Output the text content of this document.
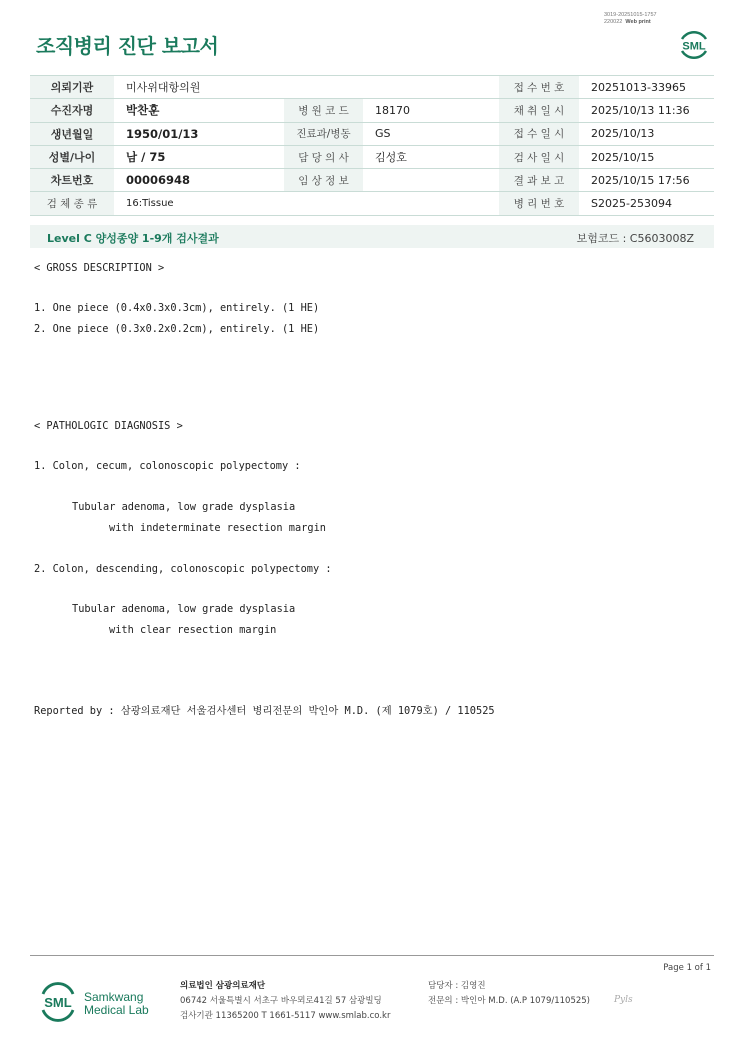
3019-20251015-1757
220022 Web print
조직병리 진단 보고서	SML
의뢰기관	미사위대항의원			접 수 번 호	20251013-33965
수진자명	박찬훈	병 원 코 드	18170	채 취 일 시	2025/10/13 11:36
생년월일	1950/01/13	진료과/병동	GS	접 수 일 시	2025/10/13
성별/나이	남 / 75	담 당 의 사	김성호	검 사 일 시	2025/10/15
차트번호	00006948	임 상 정 보		결 과 보 고	2025/10/15 17:56
검 체 종 류	16:Tissue			병 리 번 호	S2025-253094
Level C 양성종양 1-9개 검사결과	보험코드 : C5603008Z
< GROSS DESCRIPTION >
1. One piece (0.4x0.3x0.3cm), entirely. (1 HE)
2. One piece (0.3x0.2x0.2cm), entirely. (1 HE)
< PATHOLOGIC DIAGNOSIS >
1. Colon, cecum, colonoscopic polypectomy :
Tubular adenoma, low grade dysplasia
with indeterminate resection margin
2. Colon, descending, colonoscopic polypectomy :
Tubular adenoma, low grade dysplasia
with clear resection margin
Reported by : 삼광의료재단 서울검사센터 병리전문의 박인아 M.D. (제 1079호) / 110525
Page 1 of 1
SML Samkwang
Medical Lab
의료법인 삼광의료재단
06742 서울특별시 서초구 바우뫼로41길 57 삼광빌딩
검사기관 11365200 T 1661-5117 www.smlab.co.kr
담당자 : 김영진
전문의 : 박인아 M.D. (A.P 1079/110525)	Pyls
